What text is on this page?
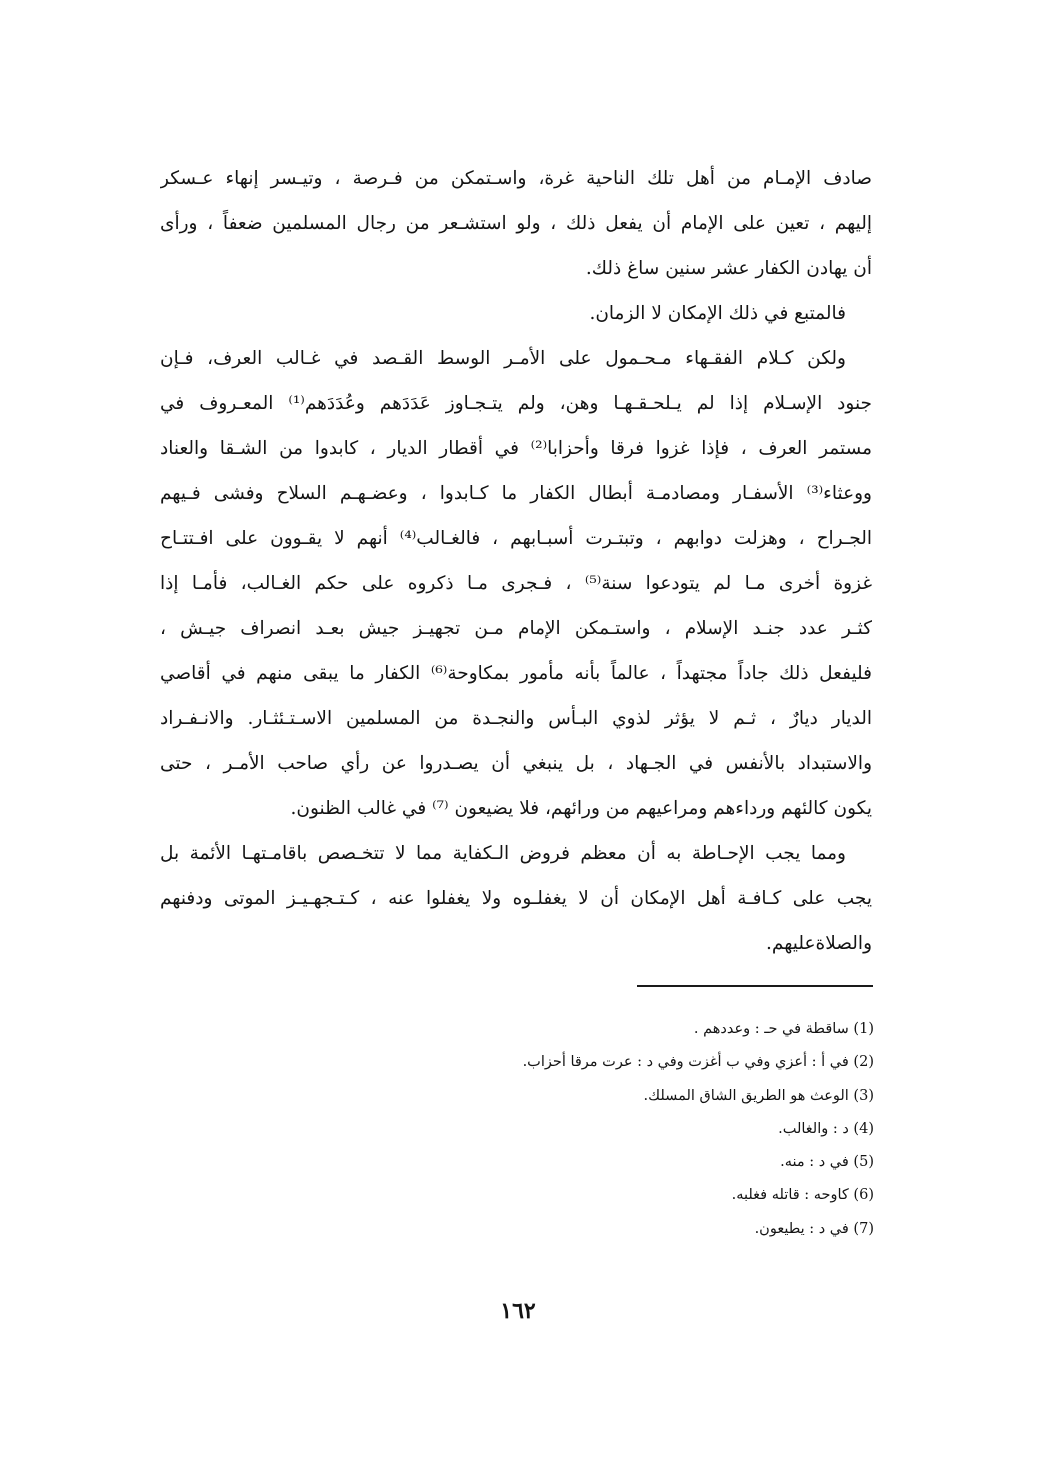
صادف الإمـام من أهل تلك الناحية غرة، واسـتمكن من فـرصة ، وتيـسر إنهاء عـسكر
إليهم ، تعين على الإمام أن يفعل ذلك ، ولو استشـعر من رجال المسلمين ضعفاً ، ورأى
أن يهادن الكفار عشر سنين ساغ ذلك.
فالمتبع في ذلك الإمكان لا الزمان.
ولكن كـلام الفقـهاء مـحـمول على الأمـر الوسط القـصد في غـالب العرف، فـإن
جنود الإسـلام إذا لم يـلحـقـهـا وهن، ولم يتـجـاوز عَدَدَهم وعُدَدَهم⁽¹⁾ المعـروف في
مستمر العرف ، فإذا غزوا فرقا وأحزابا⁽²⁾ في أقطار الديار ، كابدوا من الشـقا والعناد
ووعثاء⁽³⁾ الأسفـار ومصادمـة أبطال الكفار ما كـابدوا ، وعضـهـم السلاح وفشى فـيهم
الجـراح ، وهزلت دوابهم ، وتبتـرت أسبـابهم ، فالغـالب⁽⁴⁾ أنهم لا يقـوون على افـتتـاح
غزوة أخرى مـا لم يتودعوا سنة⁽⁵⁾ ، فـجرى مـا ذكروه على حكم الغـالب، فأمـا إذا
كثـر عدد جنـد الإسلام ، واستـمكن الإمام مـن تجهيـز جيش بعـد انصراف جيـش ،
فليفعل ذلك جاداً مجتهداً ، عالماً بأنه مأمور بمكاوحة⁽⁶⁾ الكفار ما يبقى منهم في أقاصي
الديار ديارٌ ، ثـم لا يؤثر لذوي البـأس والنجـدة من المسلمين الاسـتـئثـار. والانـفـراد
والاستبداد بالأنفس في الجـهاد ، بل ينبغي أن يصـدروا عن رأي صاحب الأمـر ، حتى
يكون كالئهم ورداءهم ومراعيهم من ورائهم، فلا يضيعون ⁽⁷⁾ في غالب الظنون.
ومما يجب الإحـاطة به أن معظم فروض الـكفاية مما لا تتخـصص باقامـتهـا الأئمة بل
يجب على كـافـة أهل الإمكان أن لا يغفلـوه ولا يغفلوا عنه ، كـتـجهـيـز الموتى ودفنهم
والصلاةعليهم.
(1) ساقطة في حـ : وعددهم .
(2) في أ : أعزي وفي ب أغزت وفي د : عرت مرقا أحزاب.
(3) الوعث هو الطريق الشاق المسلك.
(4) د : والغالب.
(5) في د : منه.
(6) كاوحه : قاتله فغلبه.
(7) في د : يطيعون.
١٦٢
